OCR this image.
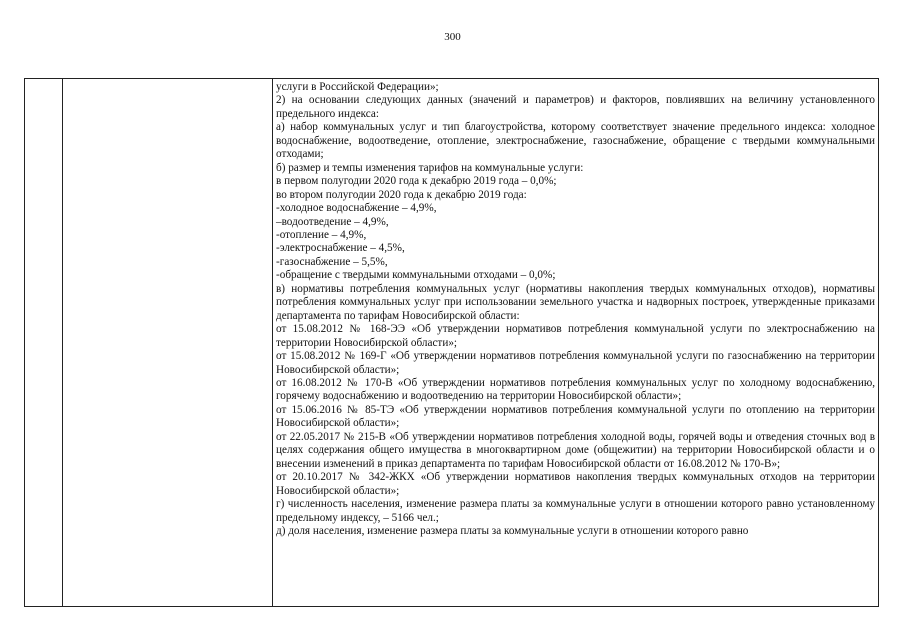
300

услуги в Российской Федерации»;

2) на основании следующих данных (значений и параметров) и факторов, повлиявших на величину установленного предельного индекса:

а) набор коммунальных услуг и тип благоустройства, которому соответствует значение предельного индекса: холодное водоснабжение, водоотведение, отопление, электроснабжение, газоснабжение, обращение с твердыми коммунальными отходами;

б) размер и темпы изменения тарифов на коммунальные услуги:

в первом полугодии 2020 года к декабрю 2019 года – 0,0%;

во втором полугодии 2020 года к декабрю 2019 года:

-холодное водоснабжение – 4,9%,

–водоотведение – 4,9%,

-отопление – 4,9%,

-электроснабжение – 4,5%,

-газоснабжение – 5,5%,

-обращение с твердыми коммунальными отходами – 0,0%;

в) нормативы потребления коммунальных услуг (нормативы накопления твердых коммунальных отходов), нормативы потребления коммунальных услуг при использовании земельного участка и надворных построек, утвержденные приказами департамента по тарифам Новосибирской области:

от 15.08.2012 № 168-ЭЭ «Об утверждении нормативов потребления коммунальной услуги по электроснабжению на территории Новосибирской области»;

от 15.08.2012 № 169-Г «Об утверждении нормативов потребления коммунальной услуги по газоснабжению на территории Новосибирской области»;

от 16.08.2012 № 170-В «Об утверждении нормативов потребления коммунальных услуг по холодному водоснабжению, горячему водоснабжению и водоотведению на территории Новосибирской области»;

от 15.06.2016 № 85-ТЭ «Об утверждении нормативов потребления коммунальной услуги по отоплению на территории Новосибирской области»;

от 22.05.2017 № 215-В «Об утверждении нормативов потребления холодной воды, горячей воды и отведения сточных вод в целях содержания общего имущества в многоквартирном доме (общежитии) на территории Новосибирской области и о внесении изменений в приказ департамента по тарифам Новосибирской области от 16.08.2012 № 170-В»;

от 20.10.2017 № 342-ЖКХ «Об утверждении нормативов накопления твердых коммунальных отходов на территории Новосибирской области»;

г) численность населения, изменение размера платы за коммунальные услуги в отношении которого равно установленному предельному индексу, – 5166 чел.;

д) доля населения, изменение размера платы за коммунальные услуги в отношении которого равно
